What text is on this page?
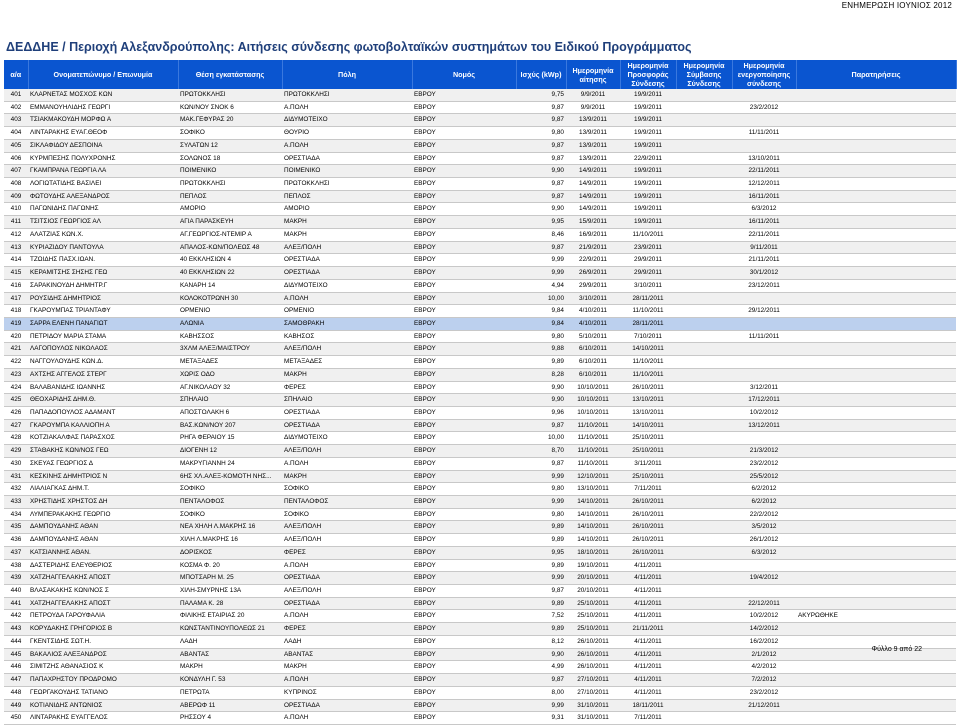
ΕΝΗΜΕΡΩΣΗ ΙΟΥΝΙΟΣ 2012
ΔΕΔΔΗΕ / Περιοχή Αλεξανδρούπολης: Αιτήσεις σύνδεσης φωτοβολταϊκών συστημάτων του Ειδικού Προγράμματος
α/α	Ονοματεπώνυμο / Επωνυμία	Θέση εγκατάστασης	Πόλη	Νομός	Ισχύς (kWp)	Ημερομηνία αίτησης	Ημερομηνία Προσφοράς Σύνδεσης	Ημερομηνία Σύμβασης Σύνδεσης	Ημερομηνία ενεργοποίησης σύνδεσης	Παρατηρήσεις
401	ΚΛΑΡΝΕΤΑΣ ΜΟΣΧΟΣ ΚΩΝ	ΠΡΩΤΟΚΚΛΗΣΙ	ΠΡΩΤΟΚΚΛΗΣΙ	ΕΒΡΟΥ	9,75	9/9/2011	19/9/2011			
402	ΕΜΜΑΝΟΥΗΛΙΔΗΣ ΓΕΩΡΓΙ	ΚΩΝ/ΝΟΥ ΣΝΟΚ 6	Α.ΠΟΛΗ	ΕΒΡΟΥ	9,87	9/9/2011	19/9/2011		23/2/2012	
403	ΤΣΙΑΚΜΑΚΟΥΔΗ ΜΟΡΦΩ Α	ΜΑΚ.ΓΕΦΥΡΑΣ 20	ΔΙΔΥΜΟΤΕΙΧΟ	ΕΒΡΟΥ	9,87	13/9/2011	19/9/2011			
404	ΛΙΝΤΑΡΑΚΗΣ ΕΥΑΓ.ΘΕΟΦ	ΣΟΦΙΚΟ	ΘΟΥΡΙΟ	ΕΒΡΟΥ	9,80	13/9/2011	19/9/2011		11/11/2011	
405	ΣΙΚΛΑΦΙΔΟΥ ΔΕΣΠΟΙΝΑ	ΣΥΛΑΤΩΝ 12	Α.ΠΟΛΗ	ΕΒΡΟΥ	9,87	13/9/2011	19/9/2011			
406	ΚΥΡΜΠΕΣΗΣ ΠΟΛΥΧΡΟΝΗΣ	ΣΟΛΩΝΟΣ 18	ΟΡΕΣΤΙΑΔΑ	ΕΒΡΟΥ	9,87	13/9/2011	22/9/2011		13/10/2011	
407	ΓΚΑΜΠΡΑΝΑ ΓΕΩΡΓΙΑ ΛΑ	ΠΟΙΜΕΝΙΚΟ	ΠΟΙΜΕΝΙΚΟ	ΕΒΡΟΥ	9,90	14/9/2011	19/9/2011		22/11/2011	
408	ΛΟΓΙΩΤΑΤΙΔΗΣ ΒΑΣΙΛΕΙ	ΠΡΩΤΟΚΚΛΗΣΙ	ΠΡΩΤΟΚΚΛΗΣΙ	ΕΒΡΟΥ	9,87	14/9/2011	19/9/2011		12/12/2011	
409	ΦΩΤΟΥΔΗΣ ΑΛΕΞΑΝΔΡΟΣ	ΠΕΠΛΟΣ	ΠΕΠΛΟΣ	ΕΒΡΟΥ	9,87	14/9/2011	19/9/2011		16/11/2011	
410	ΠΑΓΩΝΙΔΗΣ ΠΑΓΩΝΗΣ	ΑΜΟΡΙΟ	ΑΜΟΡΙΟ	ΕΒΡΟΥ	9,90	14/9/2011	19/9/2011		6/3/2012	
411	ΤΣΙΤΣΙΟΣ ΓΕΩΡΓΙΟΣ ΑΛ	ΑΓΙΑ ΠΑΡΑΣΚΕΥΗ	ΜΑΚΡΗ	ΕΒΡΟΥ	9,95	15/9/2011	19/9/2011		16/11/2011	
412	ΑΛΑΤΖΙΑΣ ΚΩΝ.Χ.	ΑΓ.ΓΕΩΡΓΙΟΣ-ΝΤΕΜΙΡ Α	ΜΑΚΡΗ	ΕΒΡΟΥ	8,46	16/9/2011	11/10/2011		22/11/2011	
413	ΚΥΡΙΑΖΙΔΟΥ ΠΑΝΤΟΥΛΑ	ΑΠΑΛΟΣ-ΚΩΝ/ΠΟΛΕΩΣ 48	ΑΛΕΞ/ΠΟΛΗ	ΕΒΡΟΥ	9,87	21/9/2011	23/9/2011		9/11/2011	
414	ΤΖΩΙΔΗΣ ΠΑΣΧ.ΙΩΑΝ.	40 ΕΚΚΛΗΣΙΩΝ 4	ΟΡΕΣΤΙΑΔΑ	ΕΒΡΟΥ	9,99	22/9/2011	29/9/2011		21/11/2011	
415	ΚΕΡΑΜΙΤΣΗΣ ΣΗΣΗΣ ΓΕΩ	40 ΕΚΚΛΗΣΙΩΝ 22	ΟΡΕΣΤΙΑΔΑ	ΕΒΡΟΥ	9,99	26/9/2011	29/9/2011		30/1/2012	
416	ΣΑΡΑΚΙΝΟΥΔΗ ΔΗΜΗΤΡ.Γ	ΚΑΝΑΡΗ 14	ΔΙΔΥΜΟΤΕΙΧΟ	ΕΒΡΟΥ	4,94	29/9/2011	3/10/2011		23/12/2011	
417	ΡΟΥΣΙΔΗΣ ΔΗΜΗΤΡΙΟΣ	ΚΟΛΟΚΟΤΡΩΝΗ 30	Α.ΠΟΛΗ	ΕΒΡΟΥ	10,00	3/10/2011	28/11/2011			
418	ΓΚΑΡΟΥΜΠΑΣ ΤΡΙΑΝΤΑΦΥ	ΟΡΜΕΝΙΟ	ΟΡΜΕΝΙΟ	ΕΒΡΟΥ	9,84	4/10/2011	11/10/2011		29/12/2011	
419	ΣΑΡΡΑ ΕΛΕΝΗ ΠΑΝΑΓΙΩΤ	ΑΛΩΝΙΑ	ΣΑΜΟΘΡΑΚΗ	ΕΒΡΟΥ	9,84	4/10/2011	28/11/2011			
420	ΠΕΤΡΙΔΟΥ ΜΑΡΙΑ ΣΤΑΜΑ	ΚΑΒΗΣΣΟΣ	ΚΑΒΗΣΟΣ	ΕΒΡΟΥ	9,80	5/10/2011	7/10/2011		11/11/2011	
421	ΛΑΓΟΠΟΥΛΟΣ ΝΙΚΟΛΑΟΣ	3ΧΛΜ ΑΛΕΞ/ΜΑΙΣΤΡΟΥ	ΑΛΕΞ/ΠΟΛΗ	ΕΒΡΟΥ	9,88	6/10/2011	14/10/2011			
422	ΝΑΓΓΟΥΛΟΥΔΗΣ ΚΩΝ.Δ.	ΜΕΤΑΞΑΔΕΣ	ΜΕΤΑΞΑΔΕΣ	ΕΒΡΟΥ	9,89	6/10/2011	11/10/2011			
423	ΑΧΤΣΗΣ ΑΓΓΕΛΟΣ ΣΤΕΡΓ	ΧΩΡΙΣ ΟΔΟ	ΜΑΚΡΗ	ΕΒΡΟΥ	8,28	6/10/2011	11/10/2011			
424	ΒΑΛΑΒΑΝΙΔΗΣ ΙΩΑΝΝΗΣ	ΑΓ.ΝΙΚΟΛΑΟΥ 32	ΦΕΡΕΣ	ΕΒΡΟΥ	9,90	10/10/2011	26/10/2011		3/12/2011	
425	ΘΕΟΧΑΡΙΔΗΣ ΔΗΜ.Θ.	ΣΠΗΛΑΙΟ	ΣΠΗΛΑΙΟ	ΕΒΡΟΥ	9,90	10/10/2011	13/10/2011		17/12/2011	
426	ΠΑΠΑΔΟΠΟΥΛΟΣ ΑΔΑΜΑΝΤ	ΑΠΟΣΤΟΛΑΚΗ 6	ΟΡΕΣΤΙΑΔΑ	ΕΒΡΟΥ	9,96	10/10/2011	13/10/2011		10/2/2012	
427	ΓΚΑΡΟΥΜΠΑ ΚΑΛΛΙΟΠΗ Α	ΒΑΣ.ΚΩΝ/ΝΟΥ 207	ΟΡΕΣΤΙΑΔΑ	ΕΒΡΟΥ	9,87	11/10/2011	14/10/2011		13/12/2011	
428	ΚΟΤΖΙΑΚΑΛΦΑΣ ΠΑΡΑΣΧΟΣ	ΡΗΓΑ ΦΕΡΑΙΟΥ 15	ΔΙΔΥΜΟΤΕΙΧΟ	ΕΒΡΟΥ	10,00	11/10/2011	25/10/2011			
429	ΣΤΑΘΑΚΗΣ ΚΩΝ/ΝΟΣ ΓΕΩ	ΔΙΟΓΕΝΗ 12	ΑΛΕΞ/ΠΟΛΗ	ΕΒΡΟΥ	8,70	11/10/2011	25/10/2011		21/3/2012	
430	ΣΚΕΥΑΣ ΓΕΩΡΓΙΟΣ Δ	ΜΑΚΡΥΓΙΑΝΝΗ 24	Α.ΠΟΛΗ	ΕΒΡΟΥ	9,87	11/10/2011	3/11/2011		23/2/2012	
431	ΚΕΣΚΙΝΗΣ ΔΗΜΗΤΡΙΟΣ Ν	6ΗΣ ΧΛ.ΑΛΕΞ-ΚΟΜΟΤΗ ΝΗΣ...	ΜΑΚΡΗ	ΕΒΡΟΥ	9,99	12/10/2011	25/10/2011		25/5/2012	
432	ΛΙΑΛΙΑΓΚΑΣ ΔΗΜ.Τ.	ΣΟΦΙΚΟ	ΣΟΦΙΚΟ	ΕΒΡΟΥ	9,80	13/10/2011	7/11/2011		6/2/2012	
433	ΧΡΗΣΤΙΔΗΣ ΧΡΗΣΤΟΣ ΔΗ	ΠΕΝΤΑΛΟΦΟΣ	ΠΕΝΤΑΛΟΦΟΣ	ΕΒΡΟΥ	9,99	14/10/2011	26/10/2011		6/2/2012	
434	ΛΥΜΠΕΡΑΚΑΚΗΣ ΓΕΩΡΓΙΟ	ΣΟΦΙΚΟ	ΣΟΦΙΚΟ	ΕΒΡΟΥ	9,80	14/10/2011	26/10/2011		22/2/2012	
435	ΔΑΜΠΟΥΔΑΝΗΣ ΑΘΑΝ	ΝΕΑ ΧΗΛΗ Λ.ΜΑΚΡΗΣ 16	ΑΛΕΞ/ΠΟΛΗ	ΕΒΡΟΥ	9,89	14/10/2011	26/10/2011		3/5/2012	
436	ΔΑΜΠΟΥΔΑΝΗΣ ΑΘΑΝ	ΧΙΛΗ Λ.ΜΑΚΡΗΣ 16	ΑΛΕΞ/ΠΟΛΗ	ΕΒΡΟΥ	9,89	14/10/2011	26/10/2011		26/1/2012	
437	ΚΑΤΣΙΑΝΝΗΣ ΑΘΑΝ.	ΔΟΡΙΣΚΟΣ	ΦΕΡΕΣ	ΕΒΡΟΥ	9,95	18/10/2011	26/10/2011		6/3/2012	
438	ΔΑΣΤΕΡΙΔΗΣ ΕΛΕΥΘΕΡΙΟΣ	ΚΟΣΜΑ Φ. 20	Α.ΠΟΛΗ	ΕΒΡΟΥ	9,89	19/10/2011	4/11/2011			
439	ΧΑΤΖΗΑΓΓΕΛΑΚΗΣ ΑΠΟΣΤ	ΜΠΟΤΣΑΡΗ Μ. 25	ΟΡΕΣΤΙΑΔΑ	ΕΒΡΟΥ	9,99	20/10/2011	4/11/2011		19/4/2012	
440	ΒΛΑΣΑΚΑΚΗΣ ΚΩΝ/ΝΟΣ Σ	ΧΙΛΗ-ΣΜΥΡΝΗΣ 13Α	ΑΛΕΞ/ΠΟΛΗ	ΕΒΡΟΥ	9,87	20/10/2011	4/11/2011			
441	ΧΑΤΖΗΑΓΓΕΛΑΚΗΣ ΑΠΟΣΤ	ΠΑΛΑΜΑ Κ. 28	ΟΡΕΣΤΙΑΔΑ	ΕΒΡΟΥ	9,89	25/10/2011	4/11/2011		22/12/2011	
442	ΠΕΤΡΟΥΔΑ ΓΑΡΟΥΦΑΛΙΑ	ΦΙΛΙΚΗΣ ΕΤΑΙΡΙΑΣ 20	Α.ΠΟΛΗ	ΕΒΡΟΥ	7,52	25/10/2011	4/11/2011		10/2/2012	ΑΚΥΡΩΘΗΚΕ
443	ΚΟΡΥΔΑΚΗΣ ΓΡΗΓΟΡΙΟΣ Β	ΚΩΝΣΤΑΝΤΙΝΟΥΠΟΛΕΩΣ 21	ΦΕΡΕΣ	ΕΒΡΟΥ	9,89	25/10/2011	21/11/2011		14/2/2012	
444	ΓΚΕΝΤΣΙΔΗΣ ΣΩΤ.Η.	ΛΑΔΗ	ΛΑΔΗ	ΕΒΡΟΥ	8,12	26/10/2011	4/11/2011		16/2/2012	
445	ΒΑΚΑΛΙΟΣ ΑΛΕΞΑΝΔΡΟΣ	ΑΒΑΝΤΑΣ	ΑΒΑΝΤΑΣ	ΕΒΡΟΥ	9,90	26/10/2011	4/11/2011		2/1/2012	
446	ΣΙΜΙΤΖΗΣ ΑΘΑΝΑΣΙΟΣ Κ	ΜΑΚΡΗ	ΜΑΚΡΗ	ΕΒΡΟΥ	4,99	26/10/2011	4/11/2011		4/2/2012	
447	ΠΑΠΑΧΡΗΣΤΟΥ ΠΡΟΔΡΟΜΟ	ΚΟΝΔΥΛΗ Γ. 53	Α.ΠΟΛΗ	ΕΒΡΟΥ	9,87	27/10/2011	4/11/2011		7/2/2012	
448	ΓΕΩΡΓΑΚΟΥΔΗΣ ΤΑΤΙΑΝΟ	ΠΕΤΡΩΤΑ	ΚΥΠΡΙΝΟΣ	ΕΒΡΟΥ	8,00	27/10/2011	4/11/2011		23/2/2012	
449	ΚΟΤΙΑΝΙΔΗΣ ΑΝΤΩΝΙΟΣ	ΑΒΕΡΩΦ 11	ΟΡΕΣΤΙΑΔΑ	ΕΒΡΟΥ	9,99	31/10/2011	18/11/2011		21/12/2011	
450	ΛΙΝΤΑΡΑΚΗΣ ΕΥΑΓΓΕΛΟΣ	ΡΗΣΣΟΥ 4	Α.ΠΟΛΗ	ΕΒΡΟΥ	9,31	31/10/2011	7/11/2011			
Φύλλο 9 από 22
